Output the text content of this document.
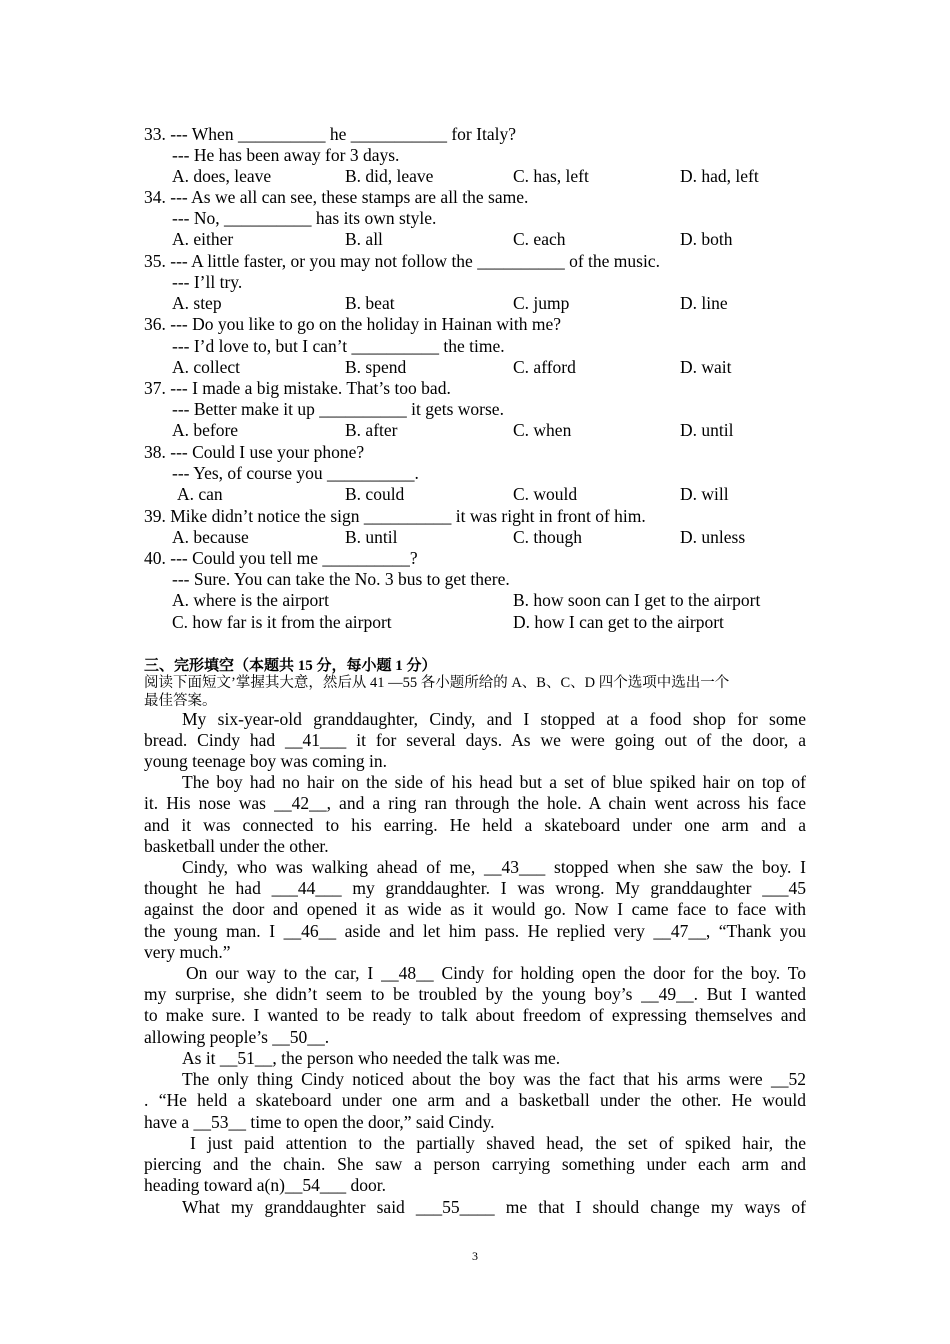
33. --- When __________ he ___________ for Italy?
--- He has been away for 3 days.
A. does, leave	B. did, leave	C. has, left	D. had, left
34. --- As we all can see, these stamps are all the same.
--- No, __________ has its own style.
A. either	B. all	C. each	D. both
35. --- A little faster, or you may not follow the __________ of the music.
--- I’ll try.
A. step	B. beat	C. jump	D. line
36. --- Do you like to go on the holiday in Hainan with me?
--- I’d love to, but I can’t __________ the time.
A. collect	B. spend	C. afford	D. wait
37. --- I made a big mistake. That’s too bad.
--- Better make it up __________ it gets worse.
A. before	B. after	C. when	D. until
38. --- Could I use your phone?
--- Yes, of course you __________.
A. can	B. could	C. would	D. will
39. Mike didn’t notice the sign __________ it was right in front of him.
A. because	B. until	C. though	D. unless
40. --- Could you tell me __________?
--- Sure. You can take the No. 3 bus to get there.
A. where is the airport	B. how soon can I get to the airport
C. how far is it from the airport	D. how I can get to the airport
三、完形填空（本题共 15 分，每小题 1 分）
阅读下面短文’掌握其大意，然后从 41 —55 各小题所给的 A、B、C、D 四个选项中选出一个
最佳答案。
My six-year-old granddaughter, Cindy, and I stopped at a food shop for some
bread. Cindy had __41___ it for several days. As we were going out of the door, a
young teenage boy was coming in.
The boy had no hair on the side of his head but a set of blue spiked hair on top of
it. His nose was __42__, and a ring ran through the hole. A chain went across his face
and it was connected to his earring. He held a skateboard under one arm and a
basketball under the other.
Cindy, who was walking ahead of me, __43___ stopped when she saw the boy. I
thought he had ___44___ my granddaughter. I was wrong. My granddaughter ___45
against the door and opened it as wide as it would go. Now I came face to face with
the young man. I __46__ aside and let him pass. He replied very __47__, “Thank you
very much.”
On our way to the car, I __48__ Cindy for holding open the door for the boy. To
my surprise, she didn’t seem to be troubled by the young boy’s __49__. But I wanted
to make sure. I wanted to be ready to talk about freedom of expressing themselves and
allowing people’s __50__.
As it __51__, the person who needed the talk was me.
The only thing Cindy noticed about the boy was the fact that his arms were __52
. “He held a skateboard under one arm and a basketball under the other. He would
have a __53__ time to open the door,” said Cindy.
I just paid attention to the partially shaved head, the set of spiked hair, the
piercing and the chain. She saw a person carrying something under each arm and
heading toward a(n)__54___ door.
What my granddaughter said ___55____ me that I should change my ways of
3
